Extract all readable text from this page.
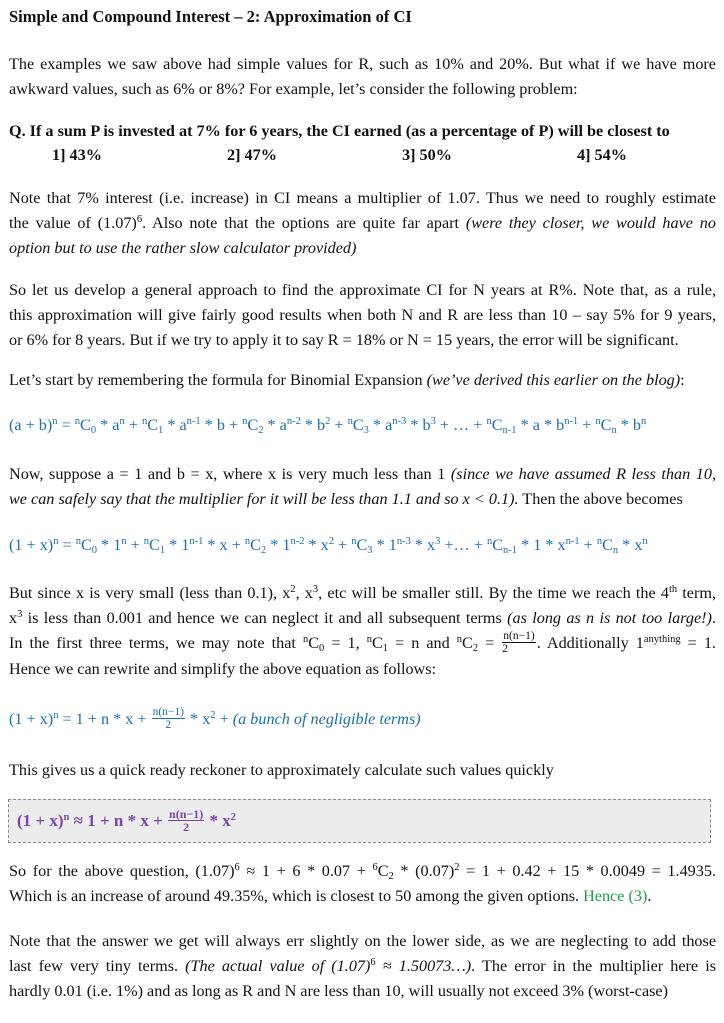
Simple and Compound Interest – 2: Approximation of CI
The examples we saw above had simple values for R, such as 10% and 20%. But what if we have more
awkward values, such as 6% or 8%? For example, let’s consider the following problem:
Q. If a sum P is invested at 7% for 6 years, the CI earned (as a percentage of P) will be closest to
1] 43%	2] 47%	3] 50%	4] 54%
Note that 7% interest (i.e. increase) in CI means a multiplier of 1.07. Thus we need to roughly estimate
the value of $(1.07)^6$. Also note that the options are quite far apart (were they closer, we would have no
option but to use the rather slow calculator provided)
So let us develop a general approach to find the approximate CI for N years at R%. Note that, as a rule,
this approximation will give fairly good results when both N and R are less than 10 – say 5% for 9 years,
or 6% for 8 years. But if we try to apply it to say R = 18% or N = 15 years, the error will be significant.
Let’s start by remembering the formula for Binomial Expansion (we’ve derived this earlier on the blog):
$(a + b)^n = ^nC_0 * a^n + ^nC_1 * a^{n-1} * b + ^nC_2 * a^{n-2} * b^2 + ^nC_3 * a^{n-3} * b^3$ + … + $^nC_{n-1} * a * b^{n-1} + ^nC_n * b^n$
Now, suppose a = 1 and b = x, where x is very much less than 1 (since we have assumed R less than 10,
we can safely say that the multiplier for it will be less than 1.1 and so x < 0.1). Then the above becomes
$(1 + x)^n = ^nC_0 * 1^n + ^nC_1 * 1^{n-1} * x + ^nC_2 * 1^{n-2} * x^2 + ^nC_3 * 1^{n-3} * x^3$ +… + $^nC_{n-1} * 1 * x^{n-1} + ^nC_n * x^n$
But since x is very small (less than 0.1), $x^2$, $x^3$, etc will be smaller still. By the time we reach the 4th term,
$x^3$ is less than 0.001 and hence we can neglect it and all subsequent terms (as long as n is not too large!).
In the first three terms, we may note that $^nC_0 = 1$, $^nC_1 = n$ and $^nC_2 = \frac{n(n-1)}{2}$ . Additionally $1^{anything} = 1$.
Hence we can rewrite and simplify the above equation as follows:
$(1 + x)^n = 1 + n * x + \frac{n(n-1)}{2} * x^2 + (a$ bunch of negligible terms)
This gives us a quick ready reckoner to approximately calculate such values quickly
$(1 + x)^n \approx 1 + n * x + \frac{n(n-1)}{2} * x^2$
So for the above question, $(1.07)^6 \approx 1 + 6 * 0.07 + ^6C_2 * (0.07)^2 = 1 + 0.42 + 15 * 0.0049 = 1.4935$.
Which is an increase of around 49.35%, which is closest to 50 among the given options. Hence (3).
Note that the answer we get will always err slightly on the lower side, as we are neglecting to add those
last few very tiny terms. (The actual value of $(1.07)^6$ ≈ 1.50073…). The error in the multiplier here is
hardly 0.01 (i.e. 1%) and as long as R and N are less than 10, will usually not exceed 3% (worst-case)
